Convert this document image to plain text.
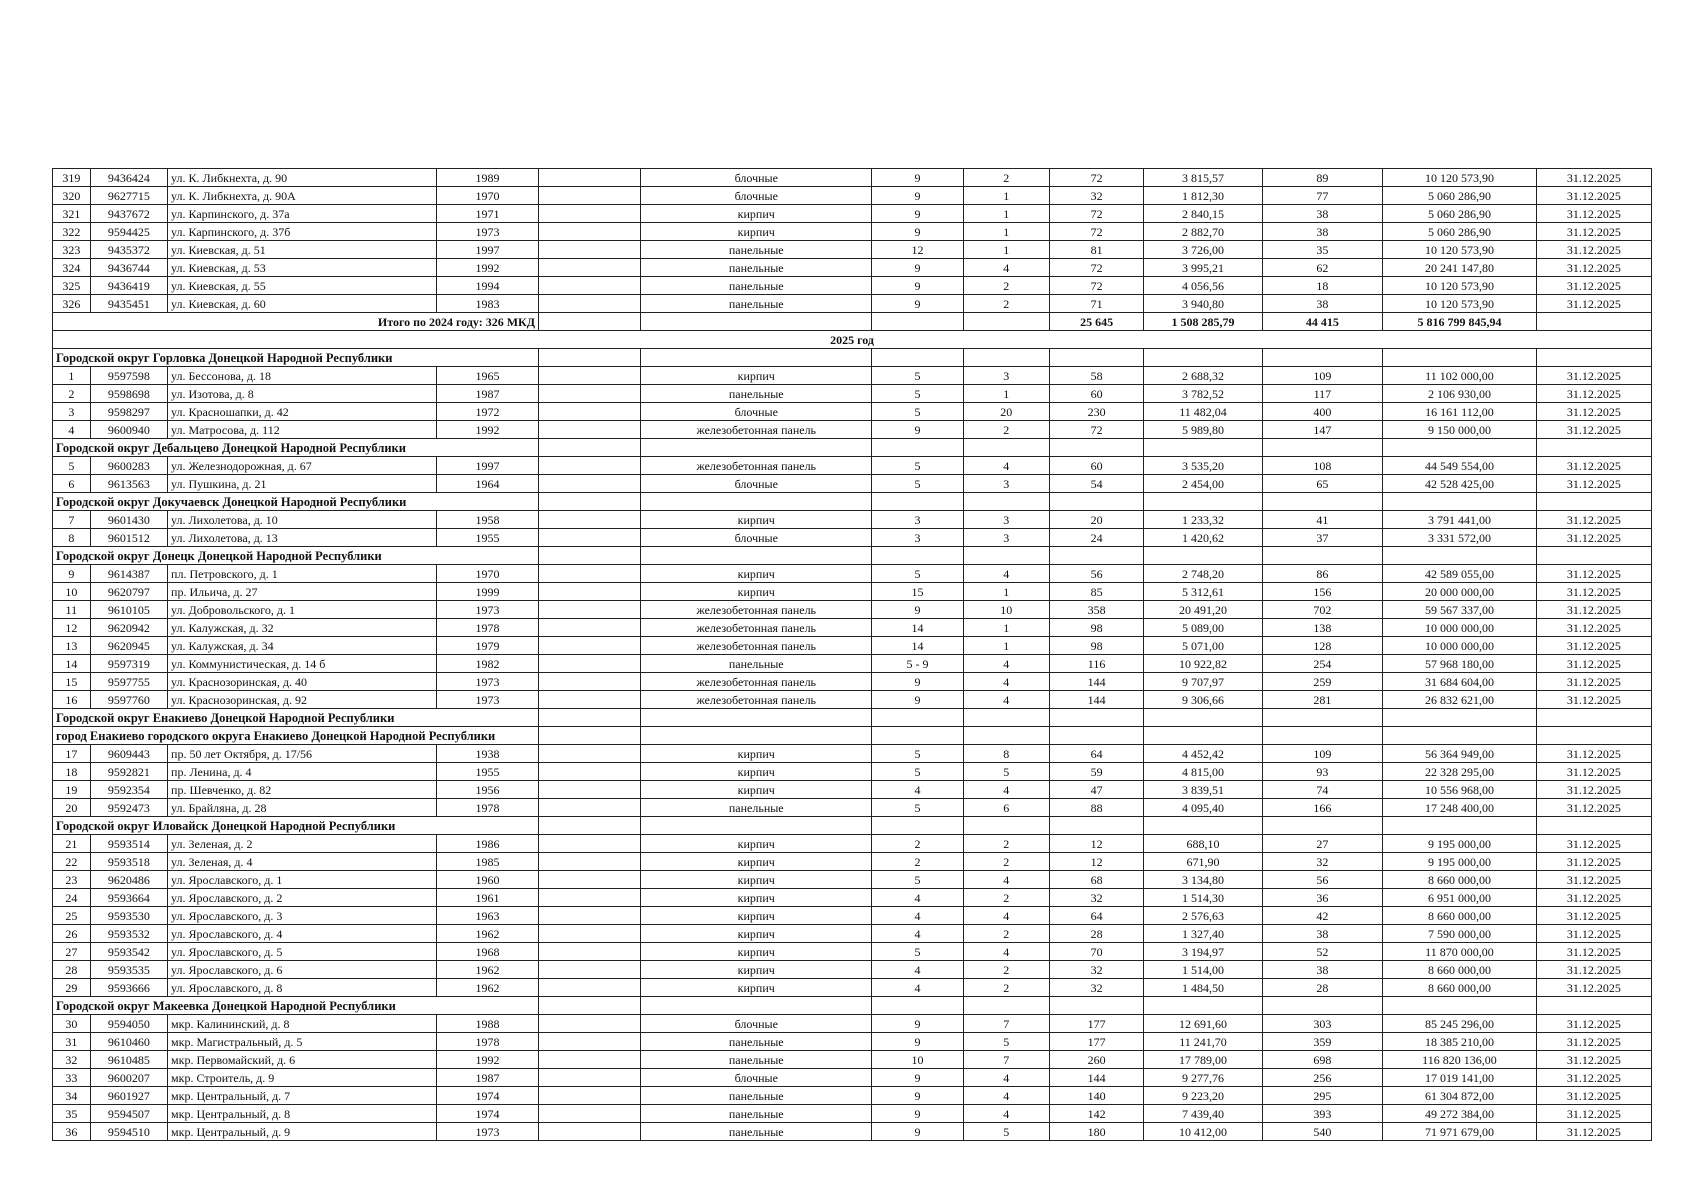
319	9436424	ул. К. Либкнехта, д. 90	1989		блочные	9	2	72	3 815,57	89	10 120 573,90	31.12.2025
320	9627715	ул. К. Либкнехта, д. 90А	1970		блочные	9	1	32	1 812,30	77	5 060 286,90	31.12.2025
321	9437672	ул. Карпинского, д. 37а	1971		кирпич	9	1	72	2 840,15	38	5 060 286,90	31.12.2025
322	9594425	ул. Карпинского, д. 37б	1973		кирпич	9	1	72	2 882,70	38	5 060 286,90	31.12.2025
323	9435372	ул. Киевская, д. 51	1997		панельные	12	1	81	3 726,00	35	10 120 573,90	31.12.2025
324	9436744	ул. Киевская, д. 53	1992		панельные	9	4	72	3 995,21	62	20 241 147,80	31.12.2025
325	9436419	ул. Киевская, д. 55	1994		панельные	9	2	72	4 056,56	18	10 120 573,90	31.12.2025
326	9435451	ул. Киевская, д. 60	1983		панельные	9	2	71	3 940,80	38	10 120 573,90	31.12.2025
Итого по 2024 году: 326 МКД								25 645	1 508 285,79	44 415	5 816 799 845,94	
2025 год												
Городской округ Горловка Донецкой Народной Республики												
1	9597598	ул. Бессонова, д. 18	1965		кирпич	5	3	58	2 688,32	109	11 102 000,00	31.12.2025
2	9598698	ул. Изотова, д. 8	1987		панельные	5	1	60	3 782,52	117	2 106 930,00	31.12.2025
3	9598297	ул. Красношапки, д. 42	1972		блочные	5	20	230	11 482,04	400	16 161 112,00	31.12.2025
4	9600940	ул. Матросова, д. 112	1992		железобетонная панель	9	2	72	5 989,80	147	9 150 000,00	31.12.2025
Городской округ Дебальцево Донецкой Народной Республики												
5	9600283	ул. Железнодорожная, д. 67	1997		железобетонная панель	5	4	60	3 535,20	108	44 549 554,00	31.12.2025
6	9613563	ул. Пушкина, д. 21	1964		блочные	5	3	54	2 454,00	65	42 528 425,00	31.12.2025
Городской округ Докучаевск Донецкой Народной Республики												
7	9601430	ул. Лихолетова, д. 10	1958		кирпич	3	3	20	1 233,32	41	3 791 441,00	31.12.2025
8	9601512	ул. Лихолетова, д. 13	1955		блочные	3	3	24	1 420,62	37	3 331 572,00	31.12.2025
Городской округ Донецк Донецкой Народной Республики												
9	9614387	пл. Петровского, д. 1	1970		кирпич	5	4	56	2 748,20	86	42 589 055,00	31.12.2025
10	9620797	пр. Ильича, д. 27	1999		кирпич	15	1	85	5 312,61	156	20 000 000,00	31.12.2025
11	9610105	ул. Добровольского, д. 1	1973		железобетонная панель	9	10	358	20 491,20	702	59 567 337,00	31.12.2025
12	9620942	ул. Калужская, д. 32	1978		железобетонная панель	14	1	98	5 089,00	138	10 000 000,00	31.12.2025
13	9620945	ул. Калужская, д. 34	1979		железобетонная панель	14	1	98	5 071,00	128	10 000 000,00	31.12.2025
14	9597319	ул. Коммунистическая, д. 14 б	1982		панельные	5 - 9	4	116	10 922,82	254	57 968 180,00	31.12.2025
15	9597755	ул. Краснозоринская, д. 40	1973		железобетонная панель	9	4	144	9 707,97	259	31 684 604,00	31.12.2025
16	9597760	ул. Краснозоринская, д. 92	1973		железобетонная панель	9	4	144	9 306,66	281	26 832 621,00	31.12.2025
Городской округ Енакиево Донецкой Народной Республики												
город Енакиево городского округа Енакиево Донецкой Народной Республики												
17	9609443	пр. 50 лет Октября, д. 17/56	1938		кирпич	5	8	64	4 452,42	109	56 364 949,00	31.12.2025
18	9592821	пр. Ленина, д. 4	1955		кирпич	5	5	59	4 815,00	93	22 328 295,00	31.12.2025
19	9592354	пр. Шевченко, д. 82	1956		кирпич	4	4	47	3 839,51	74	10 556 968,00	31.12.2025
20	9592473	ул. Брайляна, д. 28	1978		панельные	5	6	88	4 095,40	166	17 248 400,00	31.12.2025
Городской округ Иловайск Донецкой Народной Республики												
21	9593514	ул. Зеленая, д. 2	1986		кирпич	2	2	12	688,10	27	9 195 000,00	31.12.2025
22	9593518	ул. Зеленая, д. 4	1985		кирпич	2	2	12	671,90	32	9 195 000,00	31.12.2025
23	9620486	ул. Ярославского, д. 1	1960		кирпич	5	4	68	3 134,80	56	8 660 000,00	31.12.2025
24	9593664	ул. Ярославского, д. 2	1961		кирпич	4	2	32	1 514,30	36	6 951 000,00	31.12.2025
25	9593530	ул. Ярославского, д. 3	1963		кирпич	4	4	64	2 576,63	42	8 660 000,00	31.12.2025
26	9593532	ул. Ярославского, д. 4	1962		кирпич	4	2	28	1 327,40	38	7 590 000,00	31.12.2025
27	9593542	ул. Ярославского, д. 5	1968		кирпич	5	4	70	3 194,97	52	11 870 000,00	31.12.2025
28	9593535	ул. Ярославского, д. 6	1962		кирпич	4	2	32	1 514,00	38	8 660 000,00	31.12.2025
29	9593666	ул. Ярославского, д. 8	1962		кирпич	4	2	32	1 484,50	28	8 660 000,00	31.12.2025
Городской округ Макеевка Донецкой Народной Республики												
30	9594050	мкр. Калининский, д. 8	1988		блочные	9	7	177	12 691,60	303	85 245 296,00	31.12.2025
31	9610460	мкр. Магистральный, д. 5	1978		панельные	9	5	177	11 241,70	359	18 385 210,00	31.12.2025
32	9610485	мкр. Первомайский, д. 6	1992		панельные	10	7	260	17 789,00	698	116 820 136,00	31.12.2025
33	9600207	мкр. Строитель, д. 9	1987		блочные	9	4	144	9 277,76	256	17 019 141,00	31.12.2025
34	9601927	мкр. Центральный, д. 7	1974		панельные	9	4	140	9 223,20	295	61 304 872,00	31.12.2025
35	9594507	мкр. Центральный, д. 8	1974		панельные	9	4	142	7 439,40	393	49 272 384,00	31.12.2025
36	9594510	мкр. Центральный, д. 9	1973		панельные	9	5	180	10 412,00	540	71 971 679,00	31.12.2025
